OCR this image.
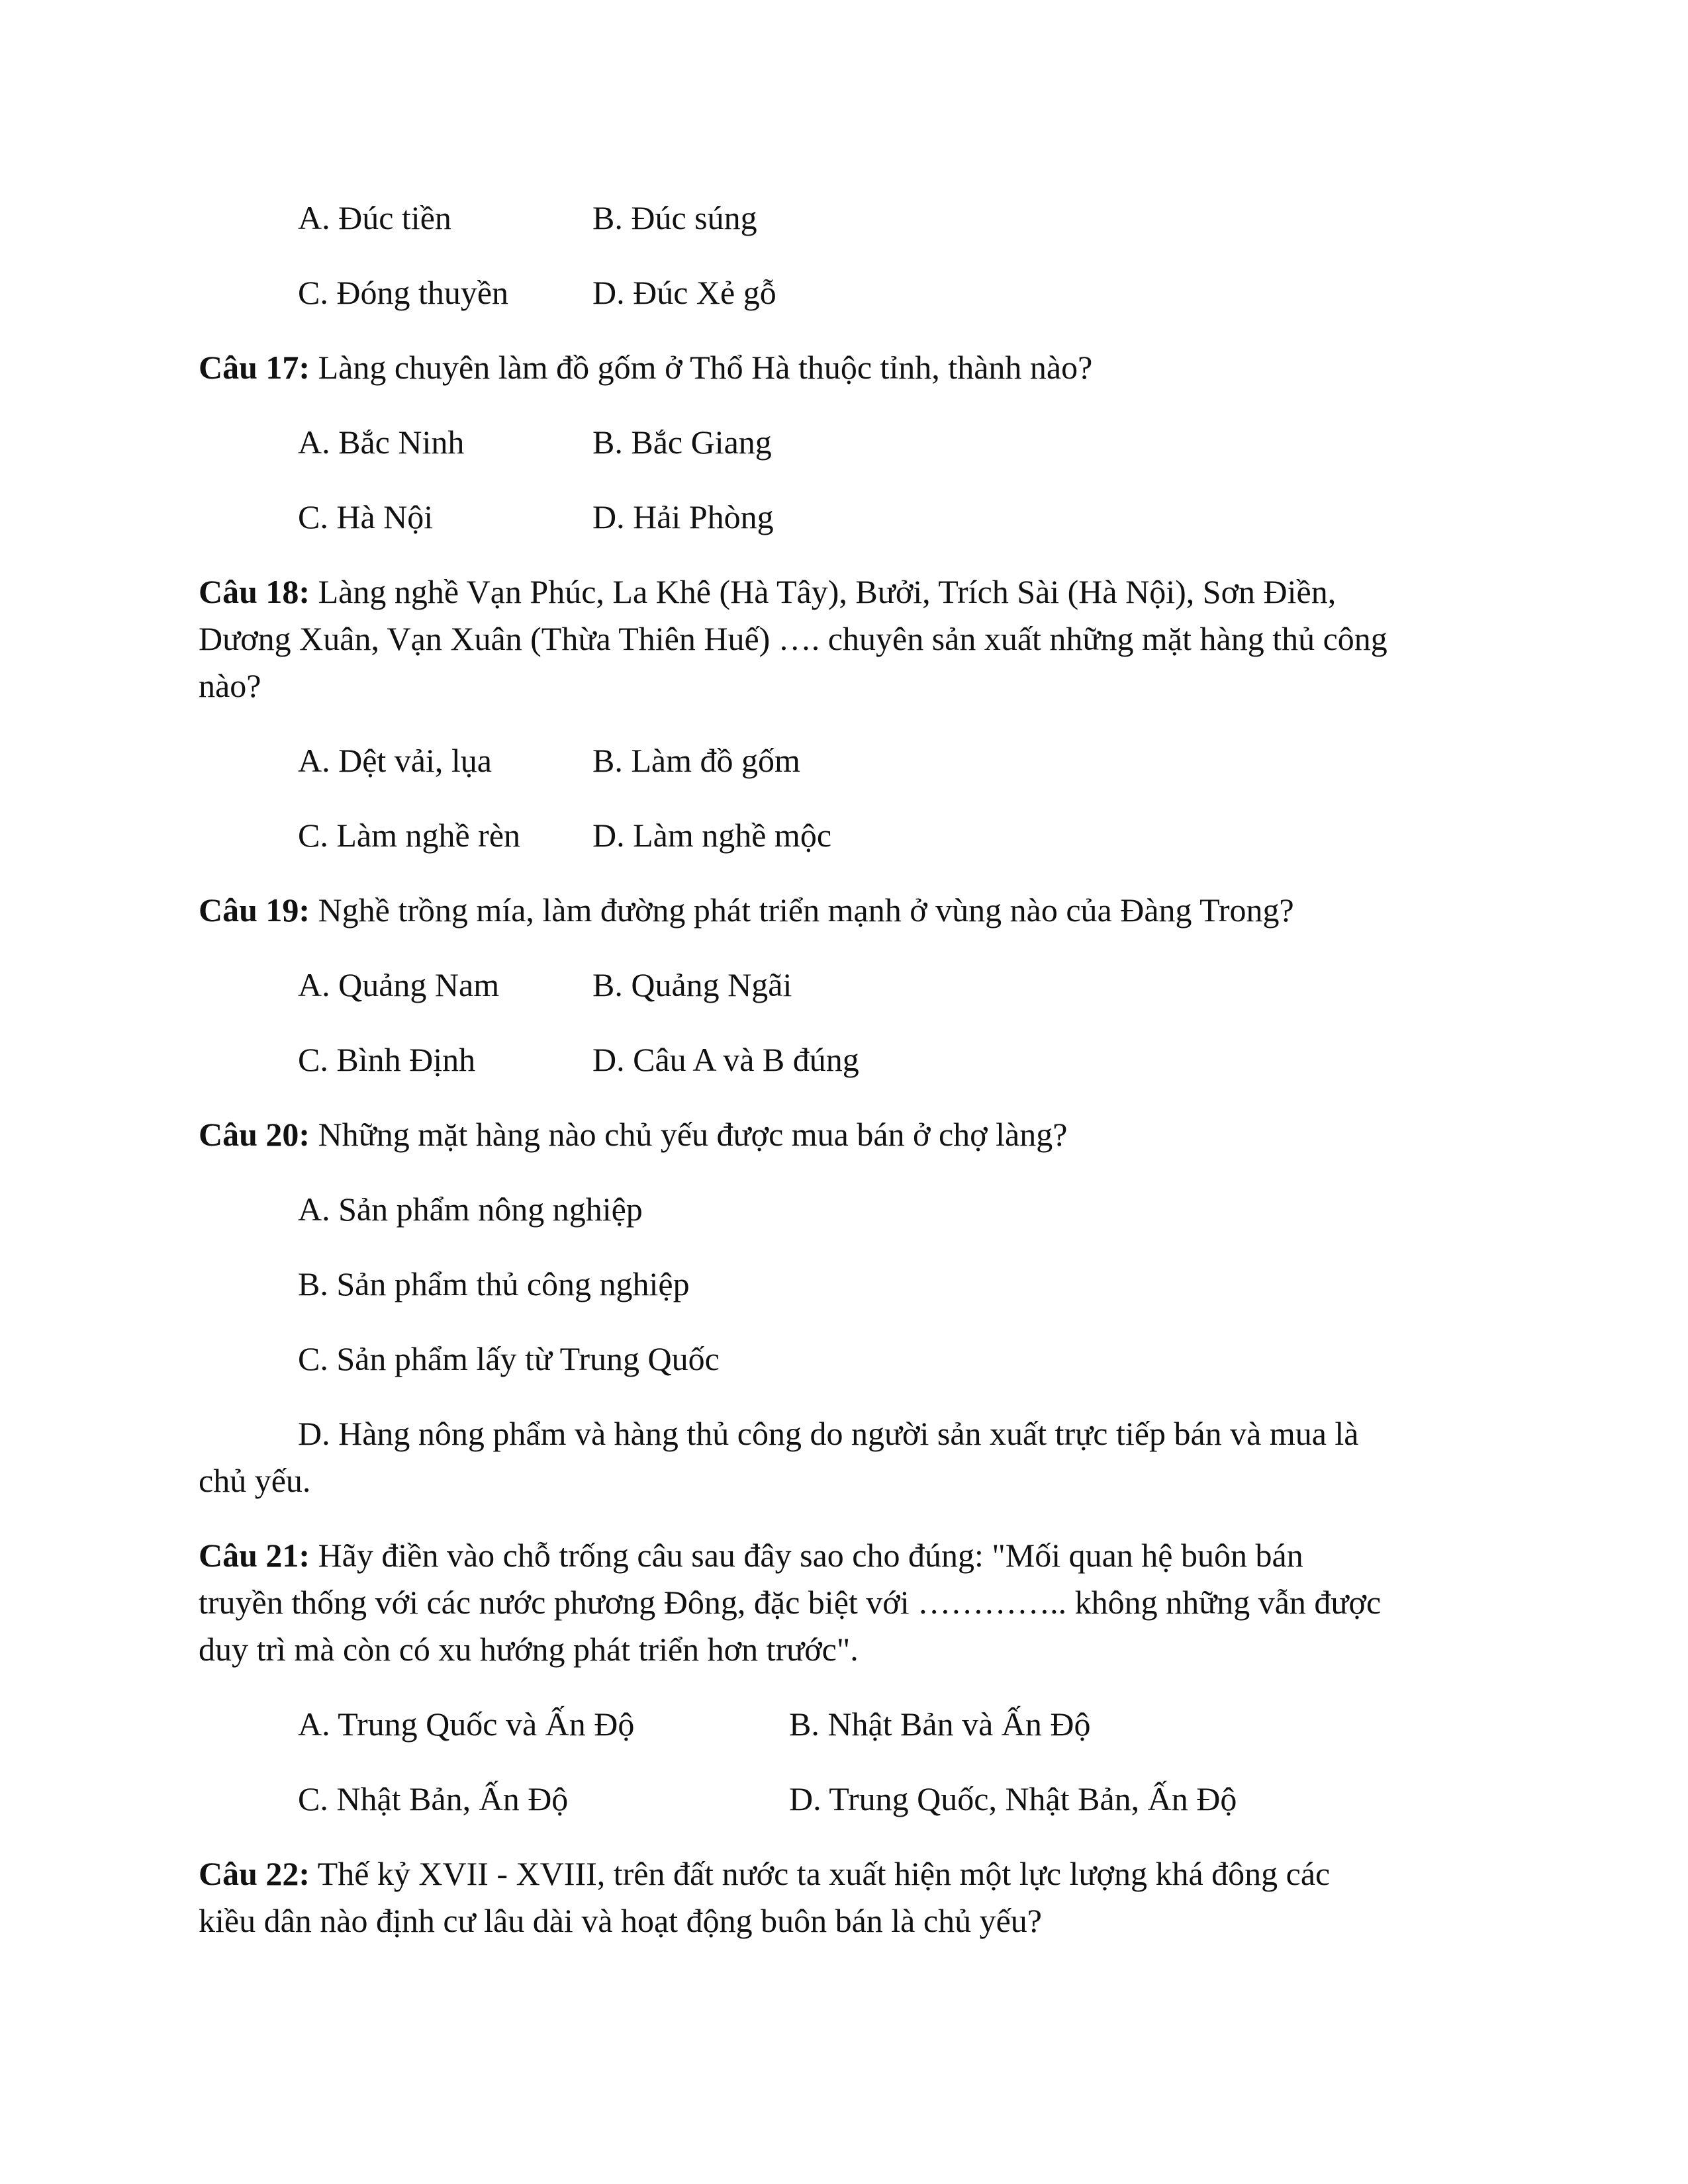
A. Đúc tiền	B. Đúc súng
C. Đóng thuyền	D. Đúc Xẻ gỗ
Câu 17: Làng chuyên làm đồ gốm ở Thổ Hà thuộc tỉnh, thành nào?
A. Bắc Ninh	B. Bắc Giang
C. Hà Nội	D. Hải Phòng
Câu 18: Làng nghề Vạn Phúc, La Khê (Hà Tây), Bưởi, Trích Sài (Hà Nội), Sơn Điền,
Dương Xuân, Vạn Xuân (Thừa Thiên Huế) …. chuyên sản xuất những mặt hàng thủ công
nào?
A. Dệt vải, lụa	B. Làm đồ gốm
C. Làm nghề rèn D. Làm nghề mộc
Câu 19: Nghề trồng mía, làm đường phát triển mạnh ở vùng nào của Đàng Trong?
A. Quảng Nam	B. Quảng Ngãi
C. Bình Định	D. Câu A và B đúng
Câu 20: Những mặt hàng nào chủ yếu được mua bán ở chợ làng?
A. Sản phẩm nông nghiệp
B. Sản phẩm thủ công nghiệp
C. Sản phẩm lấy từ Trung Quốc
D. Hàng nông phẩm và hàng thủ công do người sản xuất trực tiếp bán và mua là
chủ yếu.
Câu 21: Hãy điền vào chỗ trống câu sau đây sao cho đúng: "Mối quan hệ buôn bán
truyền thống với các nước phương Đông, đặc biệt với ………….. không những vẫn được
duy trì mà còn có xu hướng phát triển hơn trước".
A. Trung Quốc và Ấn Độ	B. Nhật Bản và Ấn Độ
C. Nhật Bản, Ấn Độ	D. Trung Quốc, Nhật Bản, Ấn Độ
Câu 22: Thế kỷ XVII - XVIII, trên đất nước ta xuất hiện một lực lượng khá đông các
kiều dân nào định cư lâu dài và hoạt động buôn bán là chủ yếu?
